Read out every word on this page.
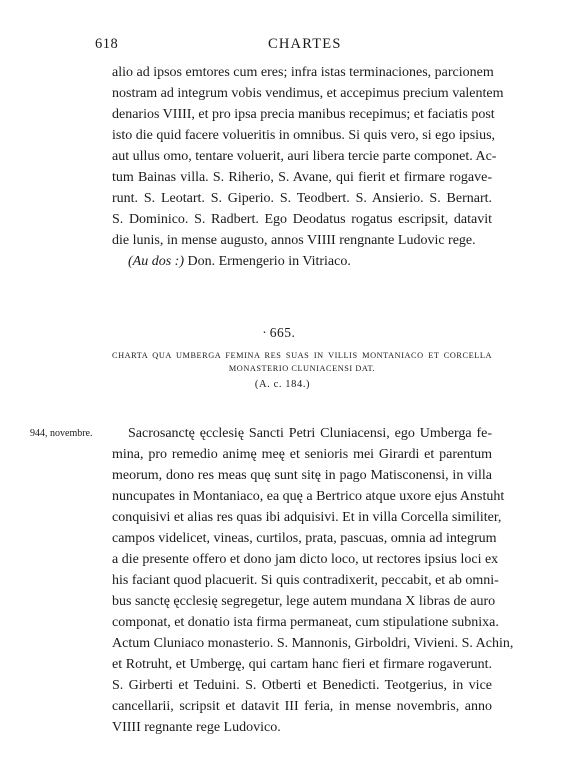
618	CHARTES
alio ad ipsos emtores cum eres; infra istas terminaciones, parcionem
nostram ad integrum vobis vendimus, et accepimus precium valentem
denarios VIIII, et pro ipsa precia manibus recepimus; et faciatis post
isto die quid facere volueritis in omnibus. Si quis vero, si ego ipsius,
aut ullus omo, tentare voluerit, auri libera tercie parte componet. Ac-
tum Bainas villa. S. Riherio, S. Avane, qui fierit et firmare rogave-
runt. S. Leotart. S. Giperio. S. Teodbert. S. Ansierio. S. Bernart.
S. Dominico. S. Radbert. Ego Deodatus rogatus escripsit, datavit
die lunis, in mense augusto, annos VIIII rengnante Ludovic rege.
(Au dos :) Don. Ermengerio in Vitriaco.
· 665.
CHARTA QUA UMBERGA FEMINA RES SUAS IN VILLIS MONTANIACO ET CORCELLA
MONASTERIO CLUNIACENSI DAT.
(A. c. 184.)
944, novembre.	Sacrosanctę ęcclesię Sancti Petri Cluniacensi, ego Umberga fe-
mina, pro remedio animę meę et senioris mei Girardi et parentum
meorum, dono res meas quę sunt sitę in pago Matisconensi, in villa
nuncupates in Montaniaco, ea quę a Bertrico atque uxore ejus Anstuht
conquisivi et alias res quas ibi adquisivi. Et in villa Corcella similiter,
campos videlicet, vineas, curtilos, prata, pascuas, omnia ad integrum
a die presente offero et dono jam dicto loco, ut rectores ipsius loci ex
his faciant quod placuerit. Si quis contradixerit, peccabit, et ab omni-
bus sanctę ęcclesię segregetur, lege autem mundana X libras de auro
componat, et donatio ista firma permaneat, cum stipulatione subnixa.
Actum Cluniaco monasterio. S. Mannonis, Girboldri, Vivieni. S. Achin,
et Rotruht, et Umbergę, qui cartam hanc fieri et firmare rogaverunt.
S. Girberti et Teduini. S. Otberti et Benedicti. Teotgerius, in vice
cancellarii, scripsit et datavit III feria, in mense novembris, anno
VIIII regnante rege Ludovico.
